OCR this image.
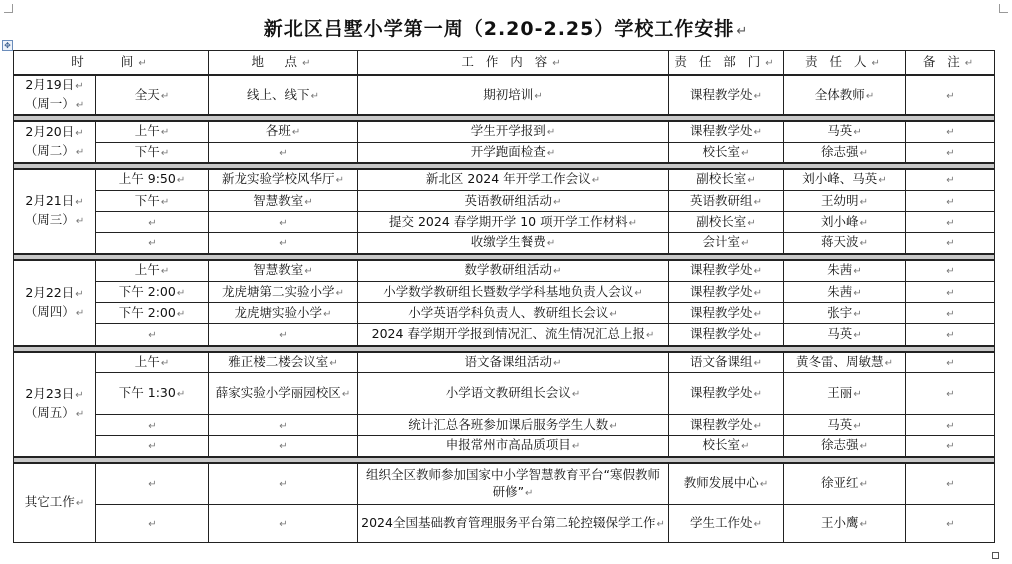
新北区吕墅小学第一周（2.20-2.25）学校工作安排 ↵
✥
时　　间↵		地　点↵	工 作 内 容↵	责 任 部 门↵	责 任 人↵	备 注↵

2月19日↵
（周一）↵	全天↵	线上、线下↵	期初培训↵	课程教学处↵	全体教师↵	↵

2月20日↵
（周二）↵	上午↵	各班↵	学生开学报到↵	课程教学处↵	马英↵	↵
	下午↵	↵	开学跑面检查↵	校长室↵	徐志强↵	↵

2月21日↵
（周三）↵	上午 9:50↵	新龙实验学校风华厅↵	新北区 2024 年开学工作会议↵	副校长室↵	刘小峰、马英↵	↵
	下午↵	智慧教室↵	英语教研组活动↵	英语教研组↵	王幼明↵	↵
	↵	↵	提交 2024 春学期开学 10 项开学工作材料↵	副校长室↵	刘小峰↵	↵
	↵	↵	收缴学生餐费↵	会计室↵	蒋天波↵	↵

2月22日↵
（周四）↵	上午↵	智慧教室↵	数学教研组活动↵	课程教学处↵	朱茜↵	↵
	下午 2:00↵	龙虎塘第二实验小学↵	小学数学教研组长暨数学学科基地负责人会议↵	课程教学处↵	朱茜↵	↵
	下午 2:00↵	龙虎塘实验小学↵	小学英语学科负责人、教研组长会议↵	课程教学处↵	张宇↵	↵
	↵	↵	2024 春学期开学报到情况汇、流生情况汇总上报↵	课程教学处↵	马英↵	↵

2月23日↵
（周五）↵	上午↵	雅正楼二楼会议室↵	语文备课组活动↵	语文备课组↵	黄冬雷、周敏慧↵	↵
	下午 1:30↵	薛家实验小学丽园校区↵	小学语文教研组长会议↵	课程教学处↵	王丽↵	↵
	↵	↵	统计汇总各班参加课后服务学生人数↵	课程教学处↵	马英↵	↵
	↵	↵	申报常州市高品质项目↵	校长室↵	徐志强↵	↵

其它工作↵	↵	↵	组织全区教师参加国家中小学智慧教育平台“寒假教师研修”↵	教师发展中心↵	徐亚红↵	↵
	↵	↵	2024全国基础教育管理服务平台第二轮控辍保学工作↵	学生工作处↵	王小鹰↵	↵
